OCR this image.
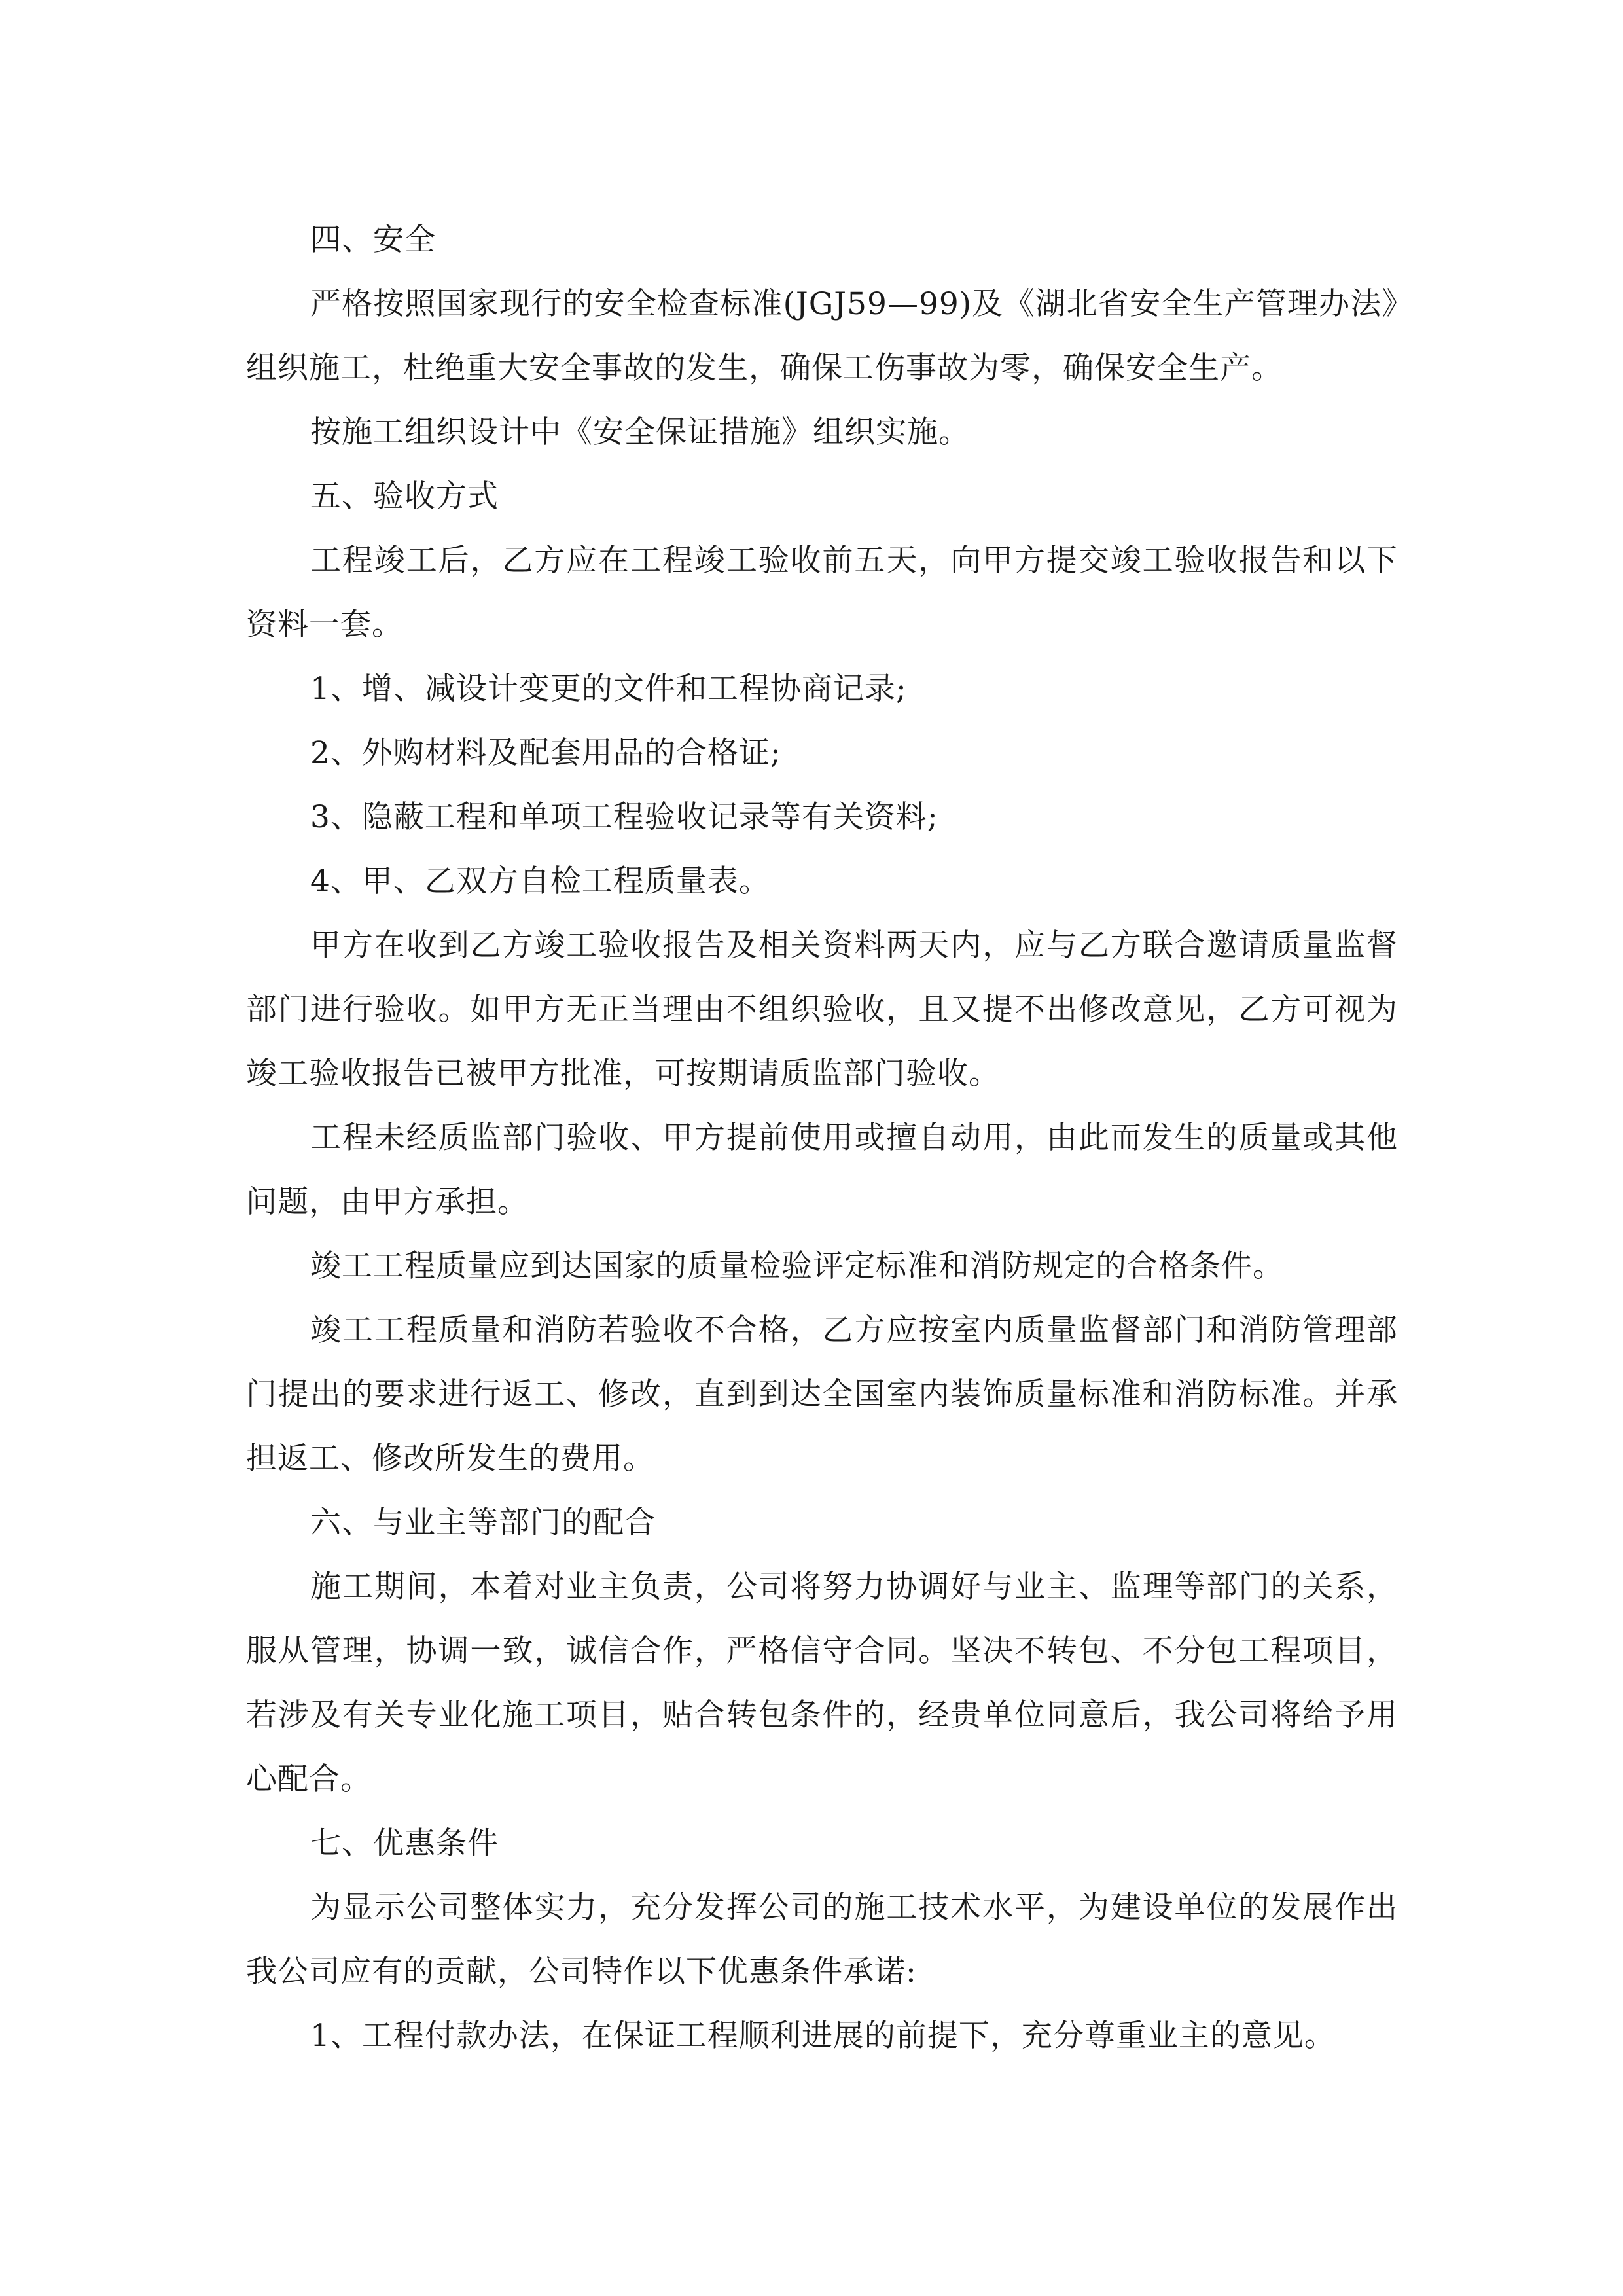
四、安全

严格按照国家现行的安全检查标准(JGJ59—99)及《湖北省安全生产管理办法》组织施工，杜绝重大安全事故的发生，确保工伤事故为零，确保安全生产。

按施工组织设计中《安全保证措施》组织实施。

五、验收方式

工程竣工后，乙方应在工程竣工验收前五天，向甲方提交竣工验收报告和以下资料一套。

1、增、减设计变更的文件和工程协商记录;

2、外购材料及配套用品的合格证;

3、隐蔽工程和单项工程验收记录等有关资料;

4、甲、乙双方自检工程质量表。

甲方在收到乙方竣工验收报告及相关资料两天内，应与乙方联合邀请质量监督部门进行验收。如甲方无正当理由不组织验收，且又提不出修改意见，乙方可视为竣工验收报告已被甲方批准，可按期请质监部门验收。

工程未经质监部门验收、甲方提前使用或擅自动用，由此而发生的质量或其他问题，由甲方承担。

竣工工程质量应到达国家的质量检验评定标准和消防规定的合格条件。

竣工工程质量和消防若验收不合格，乙方应按室内质量监督部门和消防管理部门提出的要求进行返工、修改，直到到达全国室内装饰质量标准和消防标准。并承担返工、修改所发生的费用。

六、与业主等部门的配合

施工期间，本着对业主负责，公司将努力协调好与业主、监理等部门的关系，服从管理，协调一致，诚信合作，严格信守合同。坚决不转包、不分包工程项目，若涉及有关专业化施工项目，贴合转包条件的，经贵单位同意后，我公司将给予用心配合。

七、优惠条件

为显示公司整体实力，充分发挥公司的施工技术水平，为建设单位的发展作出我公司应有的贡献，公司特作以下优惠条件承诺:

1、工程付款办法，在保证工程顺利进展的前提下，充分尊重业主的意见。
